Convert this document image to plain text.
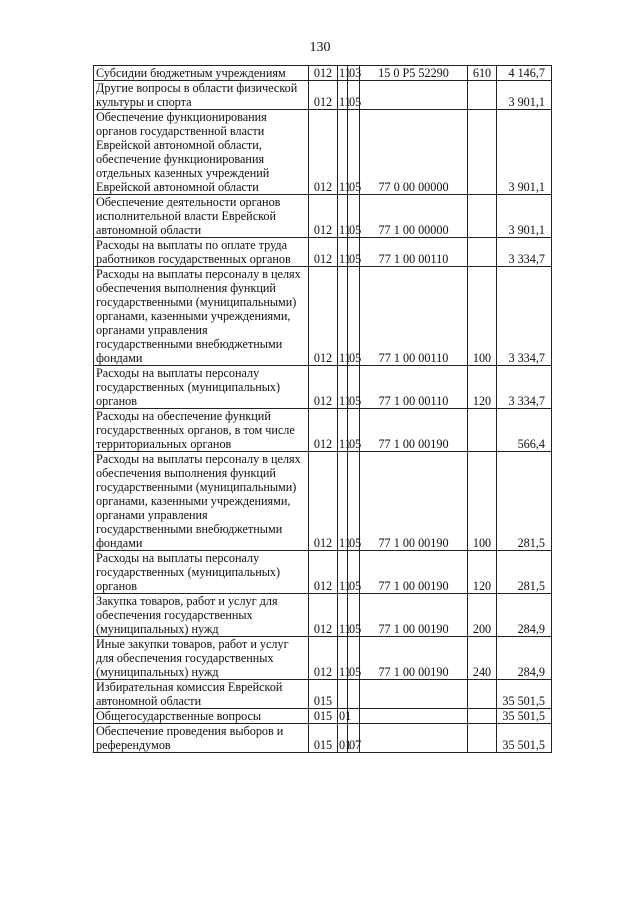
130
Субсидии бюджетным учреждениям	012	11	03	15 0 P5 52290	610	4 146,7
Другие вопросы в области физической культуры и спорта	012	11	05			3 901,1
Обеспечение функционирования органов государственной власти Еврейской автономной области, обеспечение функционирования отдельных казенных учреждений Еврейской автономной области	012	11	05	77 0 00 00000		3 901,1
Обеспечение деятельности органов исполнительной власти Еврейской автономной области	012	11	05	77 1 00 00000		3 901,1
Расходы на выплаты по оплате труда работников государственных органов	012	11	05	77 1 00 00110		3 334,7
Расходы на выплаты персоналу в целях обеспечения выполнения функций государственными (муниципальными) органами, казенными учреждениями, органами управления государственными внебюджетными фондами	012	11	05	77 1 00 00110	100	3 334,7
Расходы на выплаты персоналу государственных (муниципальных) органов	012	11	05	77 1 00 00110	120	3 334,7
Расходы на обеспечение функций государственных органов, в том числе территориальных органов	012	11	05	77 1 00 00190		566,4
Расходы на выплаты персоналу в целях обеспечения выполнения функций государственными (муниципальными) органами, казенными учреждениями, органами управления государственными внебюджетными фондами	012	11	05	77 1 00 00190	100	281,5
Расходы на выплаты персоналу государственных (муниципальных) органов	012	11	05	77 1 00 00190	120	281,5
Закупка товаров, работ и услуг для обеспечения государственных (муниципальных) нужд	012	11	05	77 1 00 00190	200	284,9
Иные закупки товаров, работ и услуг для обеспечения государственных (муниципальных) нужд	012	11	05	77 1 00 00190	240	284,9
Избирательная комиссия Еврейской автономной области	015					35 501,5
Общегосударственные вопросы	015	01				35 501,5
Обеспечение проведения выборов и референдумов	015	01	07			35 501,5
